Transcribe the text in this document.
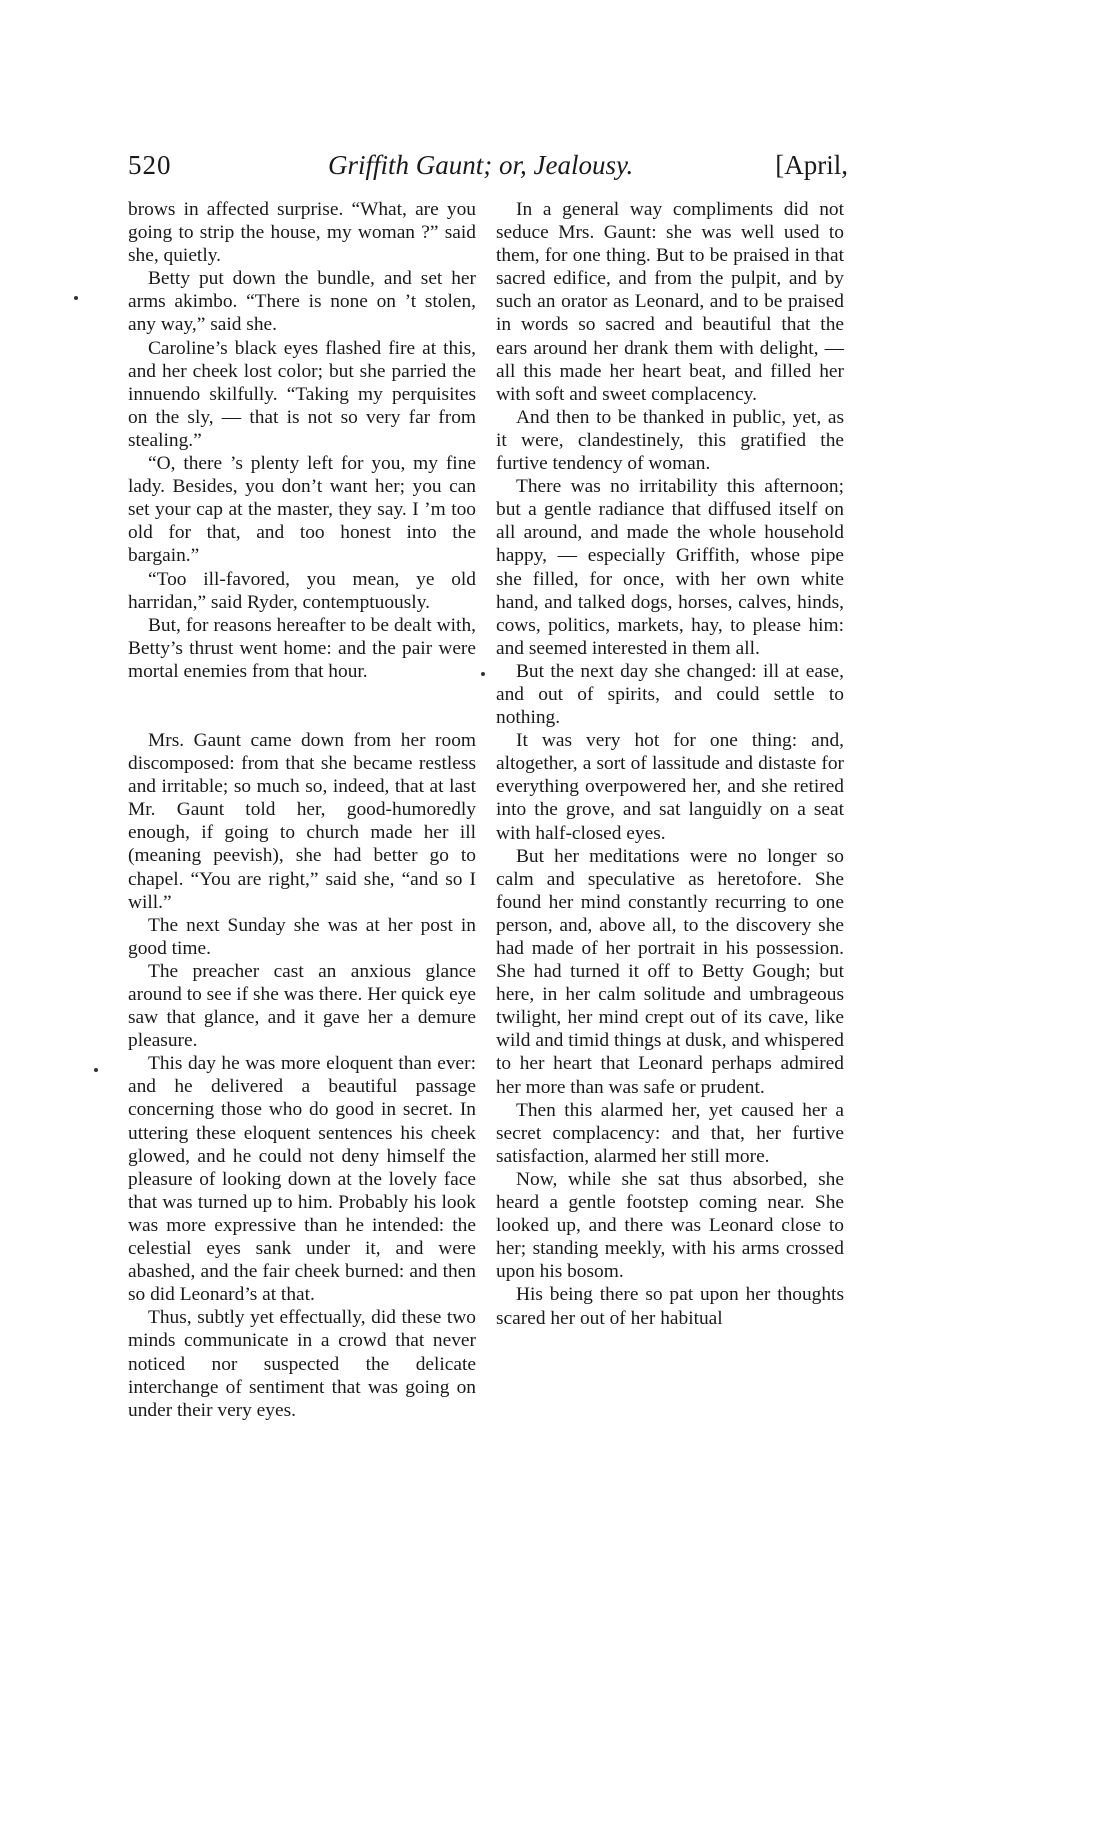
520	Griffith Gaunt; or, Jealousy.	[April,

brows in affected surprise. “What, are you going to strip the house, my woman ?” said she, quietly.

Betty put down the bundle, and set her arms akimbo. “There is none on ’t stolen, any way,” said she.

Caroline’s black eyes flashed fire at this, and her cheek lost color; but she parried the innuendo skilfully. “Taking my perquisites on the sly, — that is not so very far from stealing.”

“O, there ’s plenty left for you, my fine lady. Besides, you don’t want her; you can set your cap at the master, they say. I ’m too old for that, and too honest into the bargain.”

“Too ill-favored, you mean, ye old harridan,” said Ryder, contemptuously.

But, for reasons hereafter to be dealt with, Betty’s thrust went home: and the pair were mortal enemies from that hour.

Mrs. Gaunt came down from her room discomposed: from that she became restless and irritable; so much so, indeed, that at last Mr. Gaunt told her, good-humoredly enough, if going to church made her ill (meaning peevish), she had better go to chapel. “You are right,” said she, “and so I will.”

The next Sunday she was at her post in good time.

The preacher cast an anxious glance around to see if she was there. Her quick eye saw that glance, and it gave her a demure pleasure.

This day he was more eloquent than ever: and he delivered a beautiful passage concerning those who do good in secret. In uttering these eloquent sentences his cheek glowed, and he could not deny himself the pleasure of looking down at the lovely face that was turned up to him. Probably his look was more expressive than he intended: the celestial eyes sank under it, and were abashed, and the fair cheek burned: and then so did Leonard’s at that.

Thus, subtly yet effectually, did these two minds communicate in a crowd that never noticed nor suspected the delicate interchange of sentiment that was going on under their very eyes.

In a general way compliments did not seduce Mrs. Gaunt: she was well used to them, for one thing. But to be praised in that sacred edifice, and from the pulpit, and by such an orator as Leonard, and to be praised in words so sacred and beautiful that the ears around her drank them with delight, — all this made her heart beat, and filled her with soft and sweet complacency.

And then to be thanked in public, yet, as it were, clandestinely, this gratified the furtive tendency of woman.

There was no irritability this afternoon; but a gentle radiance that diffused itself on all around, and made the whole household happy, — especially Griffith, whose pipe she filled, for once, with her own white hand, and talked dogs, horses, calves, hinds, cows, politics, markets, hay, to please him: and seemed interested in them all.

But the next day she changed: ill at ease, and out of spirits, and could settle to nothing.

It was very hot for one thing: and, altogether, a sort of lassitude and distaste for everything overpowered her, and she retired into the grove, and sat languidly on a seat with half-closed eyes.

But her meditations were no longer so calm and speculative as heretofore. She found her mind constantly recurring to one person, and, above all, to the discovery she had made of her portrait in his possession. She had turned it off to Betty Gough; but here, in her calm solitude and umbrageous twilight, her mind crept out of its cave, like wild and timid things at dusk, and whispered to her heart that Leonard perhaps admired her more than was safe or prudent.

Then this alarmed her, yet caused her a secret complacency: and that, her furtive satisfaction, alarmed her still more.

Now, while she sat thus absorbed, she heard a gentle footstep coming near. She looked up, and there was Leonard close to her; standing meekly, with his arms crossed upon his bosom.

His being there so pat upon her thoughts scared her out of her habitual
